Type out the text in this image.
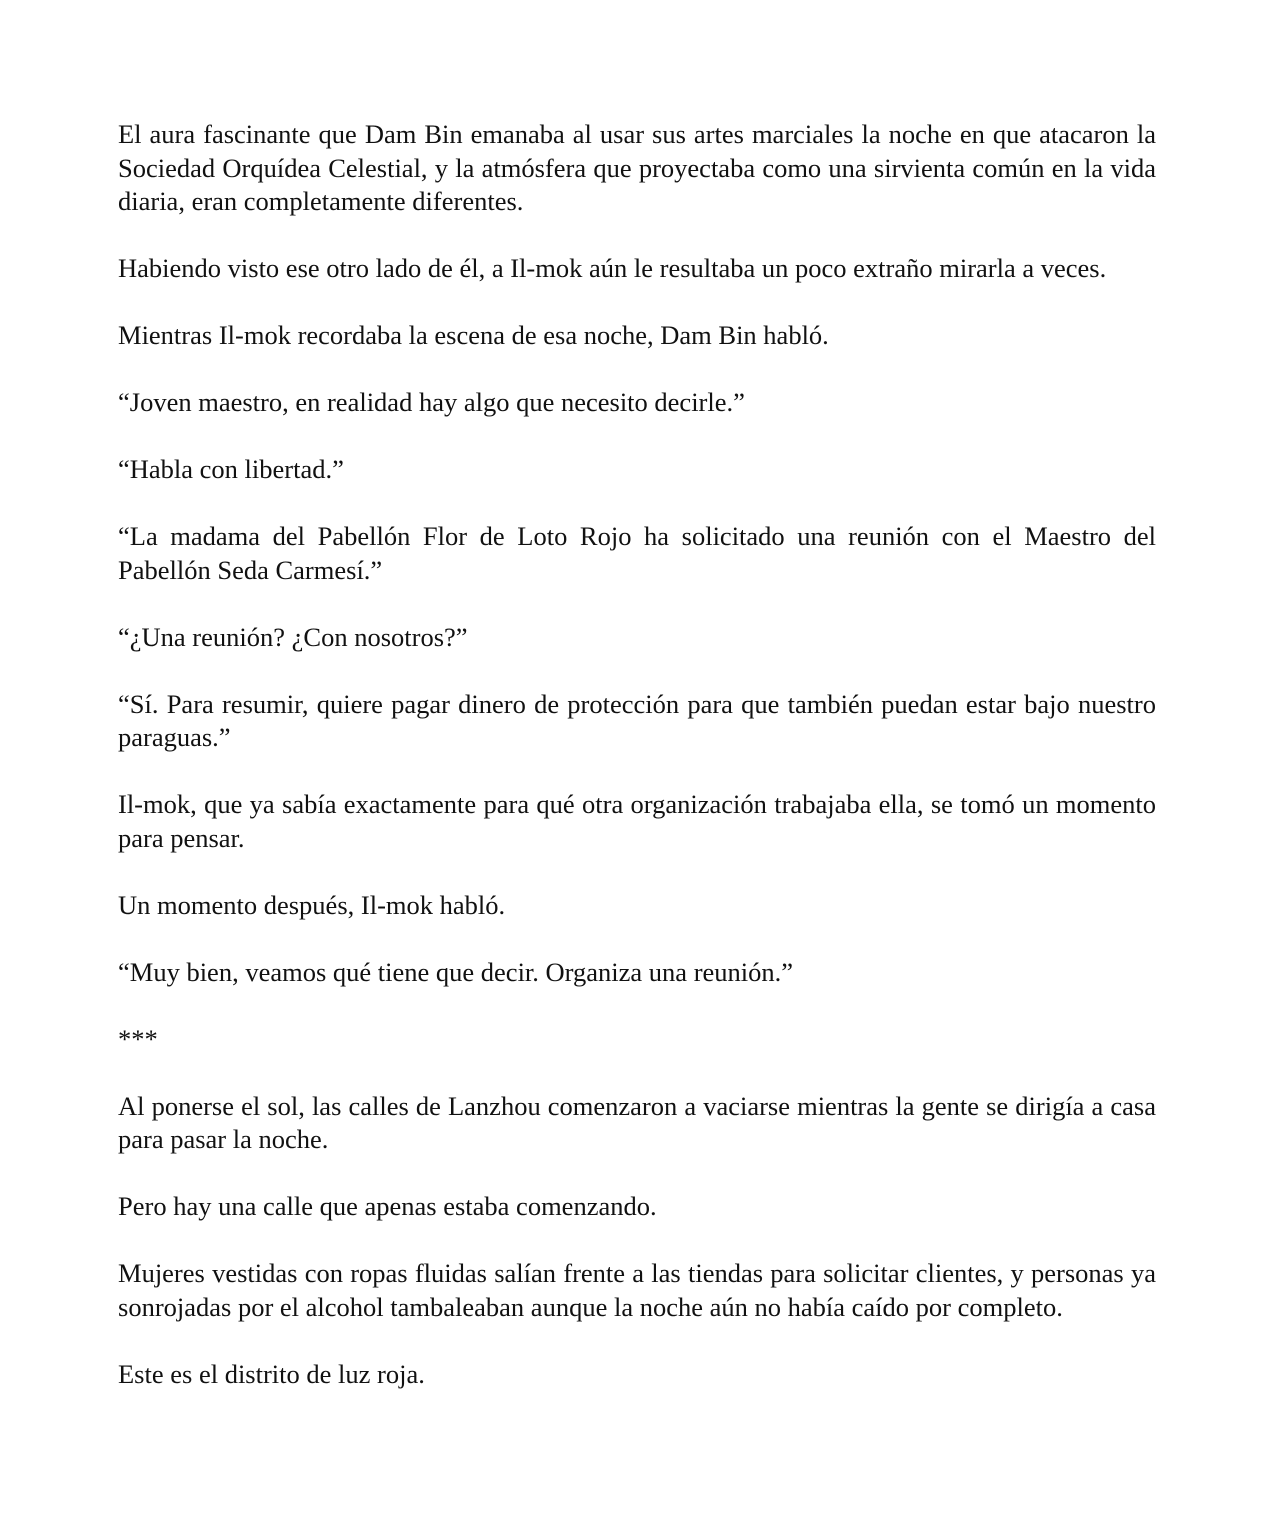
El aura fascinante que Dam Bin emanaba al usar sus artes marciales la noche en que atacaron la Sociedad Orquídea Celestial, y la atmósfera que proyectaba como una sirvienta común en la vida diaria, eran completamente diferentes.

Habiendo visto ese otro lado de él, a Il-mok aún le resultaba un poco extraño mirarla a veces.

Mientras Il-mok recordaba la escena de esa noche, Dam Bin habló.

“Joven maestro, en realidad hay algo que necesito decirle.”

“Habla con libertad.”

“La madama del Pabellón Flor de Loto Rojo ha solicitado una reunión con el Maestro del Pabellón Seda Carmesí.”

“¿Una reunión? ¿Con nosotros?”

“Sí. Para resumir, quiere pagar dinero de protección para que también puedan estar bajo nuestro paraguas.”

Il-mok, que ya sabía exactamente para qué otra organización trabajaba ella, se tomó un momento para pensar.

Un momento después, Il-mok habló.

“Muy bien, veamos qué tiene que decir. Organiza una reunión.”

***

Al ponerse el sol, las calles de Lanzhou comenzaron a vaciarse mientras la gente se dirigía a casa para pasar la noche.

Pero hay una calle que apenas estaba comenzando.

Mujeres vestidas con ropas fluidas salían frente a las tiendas para solicitar clientes, y personas ya sonrojadas por el alcohol tambaleaban aunque la noche aún no había caído por completo.

Este es el distrito de luz roja.
